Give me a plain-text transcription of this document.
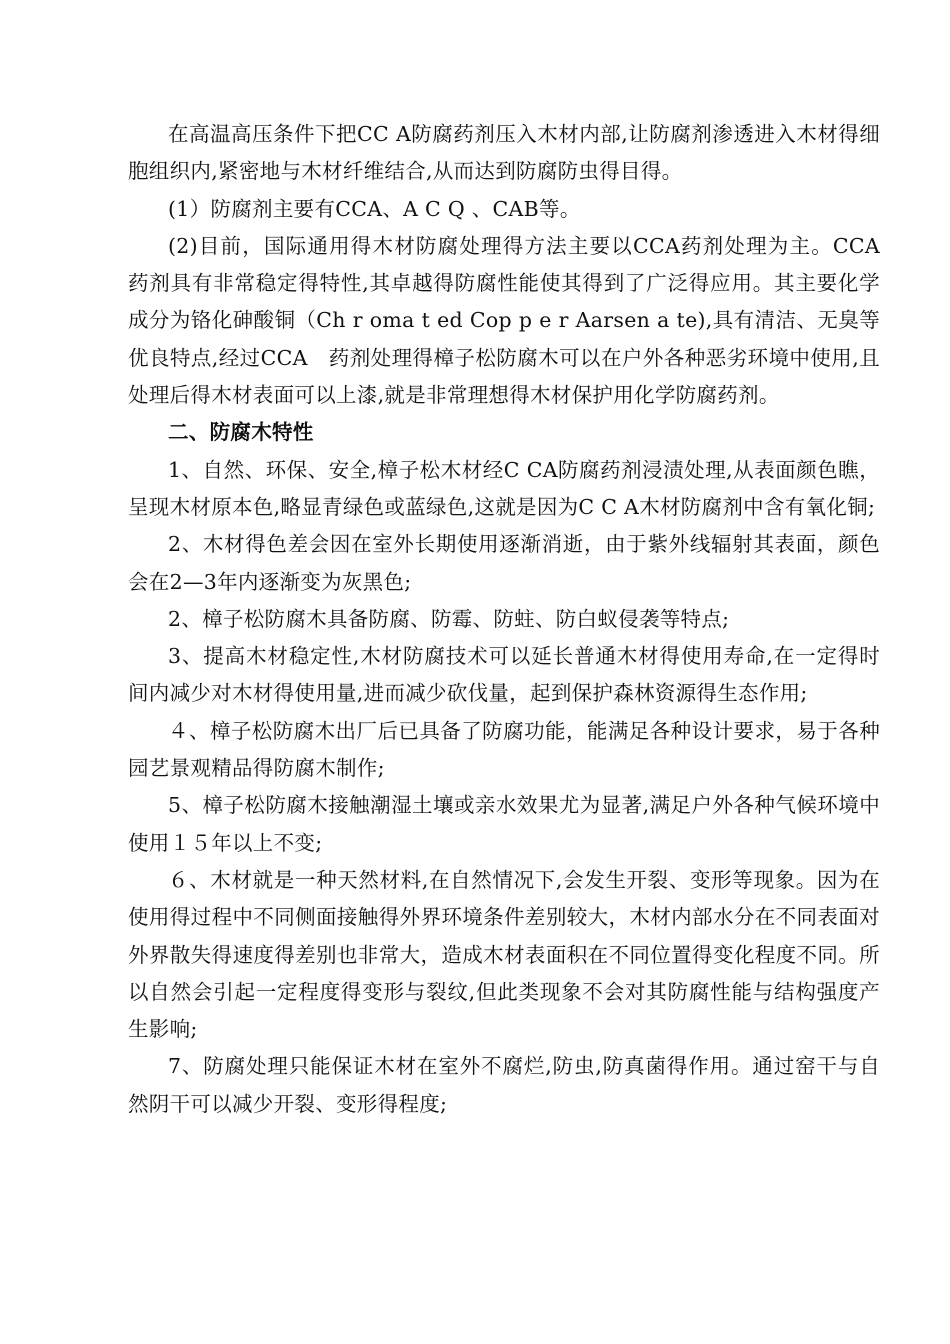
在高温高压条件下把CC A防腐药剂压入木材内部,让防腐剂渗透进入木材得细胞组织内,紧密地与木材纤维结合,从而达到防腐防虫得目得。

(1）防腐剂主要有CCA、A C Q 、CAB等。

(2)目前，国际通用得木材防腐处理得方法主要以CCA药剂处理为主。CCA　药剂具有非常稳定得特性,其卓越得防腐性能使其得到了广泛得应用。其主要化学成分为铬化砷酸铜（Ch r oma t ed Cop p e r Aarsen a te),具有清洁、无臭等优良特点,经过CCA　药剂处理得樟子松防腐木可以在户外各种恶劣环境中使用,且处理后得木材表面可以上漆,就是非常理想得木材保护用化学防腐药剂。

二、防腐木特性

1、自然、环保、安全,樟子松木材经C CA防腐药剂浸渍处理,从表面颜色瞧，呈现木材原本色,略显青绿色或蓝绿色,这就是因为C C A木材防腐剂中含有氧化铜;

2、木材得色差会因在室外长期使用逐渐消逝，由于紫外线辐射其表面，颜色会在2—3年内逐渐变为灰黑色;

2、樟子松防腐木具备防腐、防霉、防蛀、防白蚁侵袭等特点;

3、提高木材稳定性,木材防腐技术可以延长普通木材得使用寿命,在一定得时间内减少对木材得使用量,进而减少砍伐量，起到保护森林资源得生态作用;

４、樟子松防腐木出厂后已具备了防腐功能，能满足各种设计要求，易于各种园艺景观精品得防腐木制作;

5、樟子松防腐木接触潮湿土壤或亲水效果尤为显著,满足户外各种气候环境中使用１５年以上不变;

６、木材就是一种天然材料,在自然情况下,会发生开裂、变形等现象。因为在使用得过程中不同侧面接触得外界环境条件差别较大，木材内部水分在不同表面对外界散失得速度得差别也非常大，造成木材表面积在不同位置得变化程度不同。所以自然会引起一定程度得变形与裂纹,但此类现象不会对其防腐性能与结构强度产生影响;

7、防腐处理只能保证木材在室外不腐烂,防虫,防真菌得作用。通过窑干与自然阴干可以减少开裂、变形得程度;
